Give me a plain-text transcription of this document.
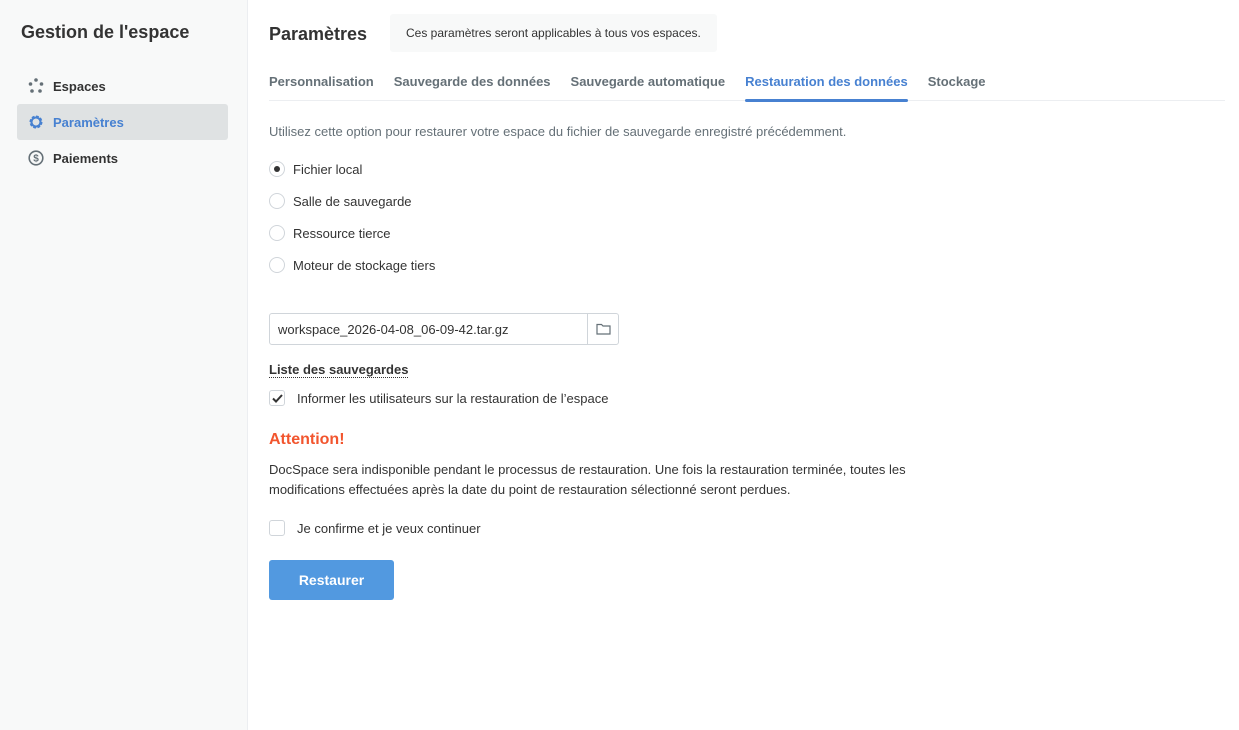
Gestion de l'espace
Espaces
Paramètres
$ Paiements
Paramètres	Ces paramètres seront applicables à tous vos espaces.
Personnalisation Sauvegarde des données Sauvegarde automatique Restauration des données Stockage
Utilisez cette option pour restaurer votre espace du fichier de sauvegarde enregistré précédemment.
Fichier local
Salle de sauvegarde
Ressource tierce
Moteur de stockage tiers
workspace_2026-04-08_06-09-42.tar.gz
Liste des sauvegardes
Informer les utilisateurs sur la restauration de l’espace
Attention!
DocSpace sera indisponible pendant le processus de restauration. Une fois la restauration terminée, toutes les modifications effectuées après la date du point de restauration sélectionné seront perdues.
Je confirme et je veux continuer
Restaurer
